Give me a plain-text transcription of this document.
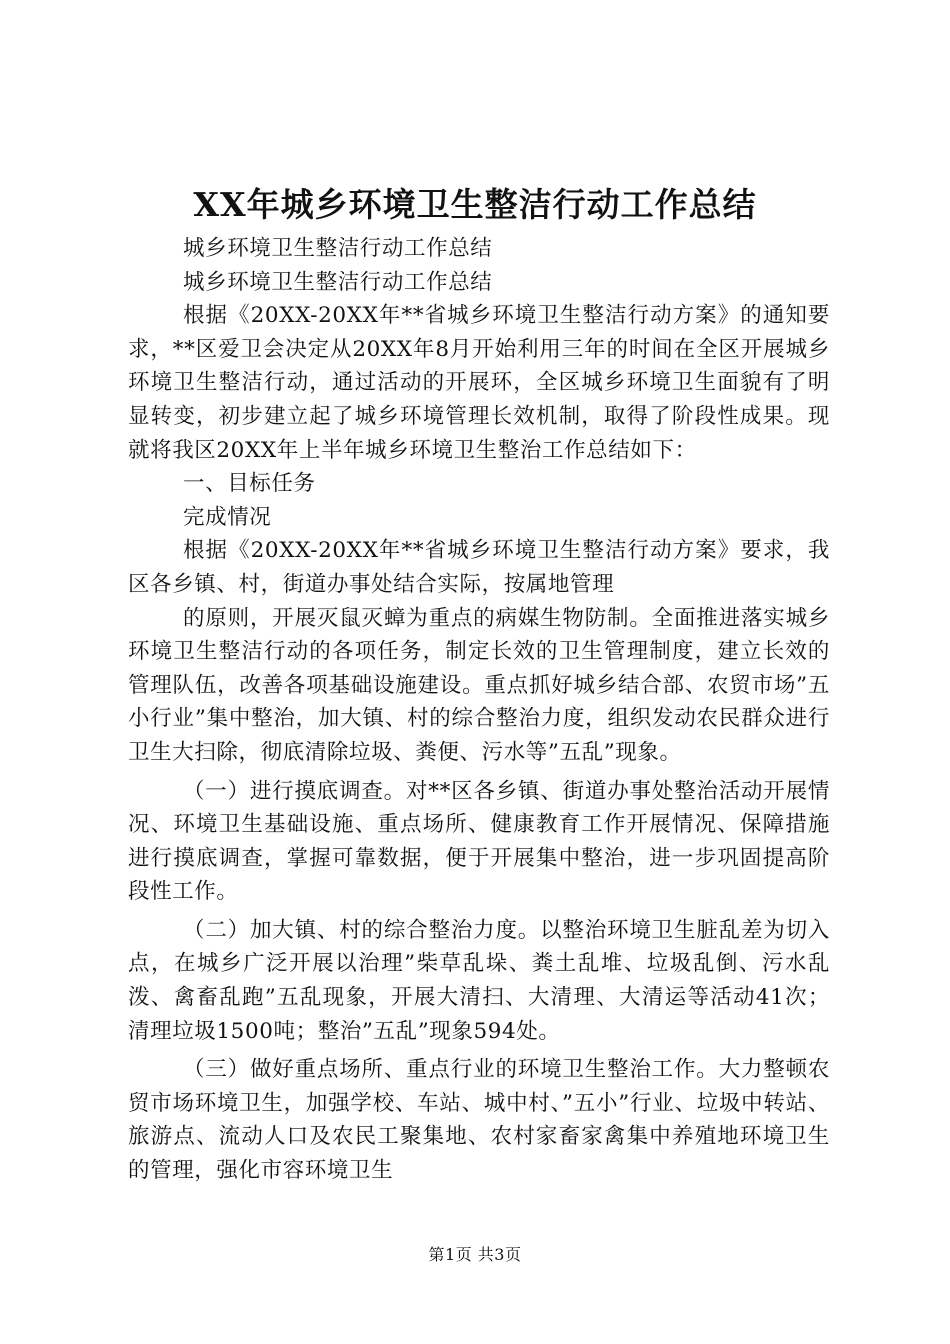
XX年城乡环境卫生整洁行动工作总结

城乡环境卫生整洁行动工作总结

城乡环境卫生整洁行动工作总结

根据《20XX-20XX年**省城乡环境卫生整洁行动方案》的通知要求，**区爱卫会决定从20XX年8月开始利用三年的时间在全区开展城乡环境卫生整洁行动，通过活动的开展环，全区城乡环境卫生面貌有了明显转变，初步建立起了城乡环境管理长效机制，取得了阶段性成果。现就将我区20XX年上半年城乡环境卫生整治工作总结如下：

一、目标任务

完成情况

根据《20XX-20XX年**省城乡环境卫生整洁行动方案》要求，我区各乡镇、村，街道办事处结合实际，按属地管理

的原则，开展灭鼠灭蟑为重点的病媒生物防制。全面推进落实城乡环境卫生整洁行动的各项任务，制定长效的卫生管理制度，建立长效的管理队伍，改善各项基础设施建设。重点抓好城乡结合部、农贸市场”五小行业”集中整治，加大镇、村的综合整治力度，组织发动农民群众进行卫生大扫除，彻底清除垃圾、粪便、污水等”五乱”现象。

（一）进行摸底调查。对**区各乡镇、街道办事处整治活动开展情况、环境卫生基础设施、重点场所、健康教育工作开展情况、保障措施进行摸底调查，掌握可靠数据，便于开展集中整治，进一步巩固提高阶段性工作。

（二）加大镇、村的综合整治力度。以整治环境卫生脏乱差为切入点，在城乡广泛开展以治理”柴草乱垛、粪土乱堆、垃圾乱倒、污水乱泼、禽畜乱跑”五乱现象，开展大清扫、大清理、大清运等活动41次；清理垃圾1500吨；整治”五乱”现象594处。

（三）做好重点场所、重点行业的环境卫生整治工作。大力整顿农贸市场环境卫生，加强学校、车站、城中村、”五小”行业、垃圾中转站、旅游点、流动人口及农民工聚集地、农村家畜家禽集中养殖地环境卫生的管理，强化市容环境卫生

第1页 共3页
